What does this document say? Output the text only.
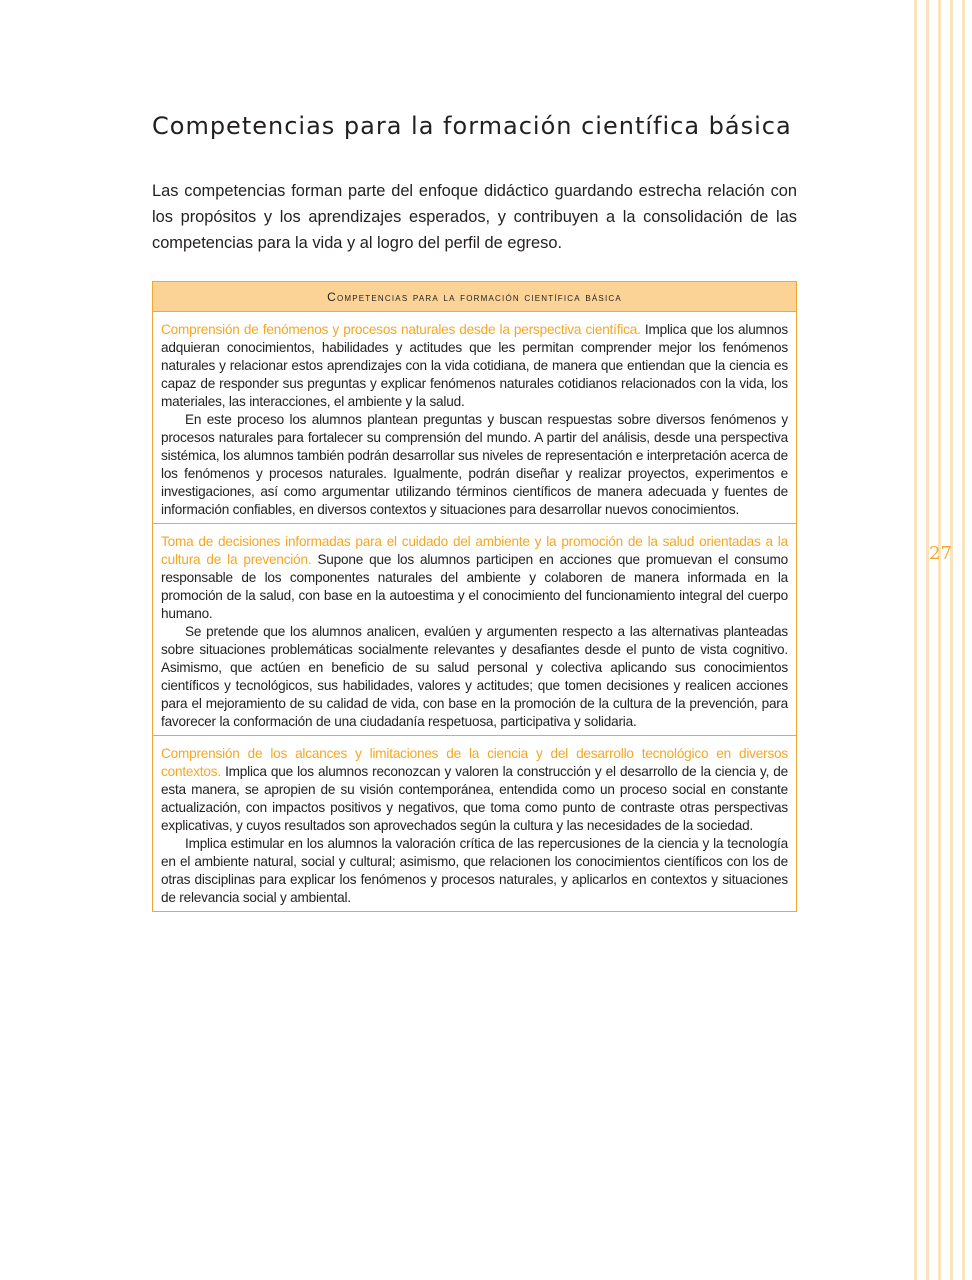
27
Competencias para la formación científica básica

Las competencias forman parte del enfoque didáctico guardando estrecha relación con los propósitos y los aprendizajes esperados, y contribuyen a la consolidación de las competencias para la vida y al logro del perfil de egreso.

Competencias para la formación científica básica

Comprensión de fenómenos y procesos naturales desde la perspectiva científica. Implica que los alumnos adquieran conocimientos, habilidades y actitudes que les permitan comprender mejor los fenómenos naturales y relacionar estos aprendizajes con la vida cotidiana, de manera que entiendan que la ciencia es capaz de responder sus preguntas y explicar fenómenos naturales cotidianos relacionados con la vida, los materiales, las interacciones, el ambiente y la salud.

En este proceso los alumnos plantean preguntas y buscan respuestas sobre diversos fenómenos y procesos naturales para fortalecer su comprensión del mundo. A partir del análisis, desde una perspectiva sistémica, los alumnos también podrán desarrollar sus niveles de representación e interpretación acerca de los fenómenos y procesos naturales. Igualmente, podrán diseñar y realizar proyectos, experimentos e investigaciones, así como argumentar utilizando términos científicos de manera adecuada y fuentes de información confiables, en diversos contextos y situaciones para desarrollar nuevos conocimientos.

Toma de decisiones informadas para el cuidado del ambiente y la promoción de la salud orientadas a la cultura de la prevención. Supone que los alumnos participen en acciones que promuevan el consumo responsable de los componentes naturales del ambiente y colaboren de manera informada en la promoción de la salud, con base en la autoestima y el conocimiento del funcionamiento integral del cuerpo humano.

Se pretende que los alumnos analicen, evalúen y argumenten respecto a las alternativas planteadas sobre situaciones problemáticas socialmente relevantes y desafiantes desde el punto de vista cognitivo. Asimismo, que actúen en beneficio de su salud personal y colectiva aplicando sus conocimientos científicos y tecnológicos, sus habilidades, valores y actitudes; que tomen decisiones y realicen acciones para el mejoramiento de su calidad de vida, con base en la promoción de la cultura de la prevención, para favorecer la conformación de una ciudadanía respetuosa, participativa y solidaria.

Comprensión de los alcances y limitaciones de la ciencia y del desarrollo tecnológico en diversos contextos. Implica que los alumnos reconozcan y valoren la construcción y el desarrollo de la ciencia y, de esta manera, se apropien de su visión contemporánea, entendida como un proceso social en constante actualización, con impactos positivos y negativos, que toma como punto de contraste otras perspectivas explicativas, y cuyos resultados son aprovechados según la cultura y las necesidades de la sociedad.

Implica estimular en los alumnos la valoración crítica de las repercusiones de la ciencia y la tecnología en el ambiente natural, social y cultural; asimismo, que relacionen los conocimientos científicos con los de otras disciplinas para explicar los fenómenos y procesos naturales, y aplicarlos en contextos y situaciones de relevancia social y ambiental.
